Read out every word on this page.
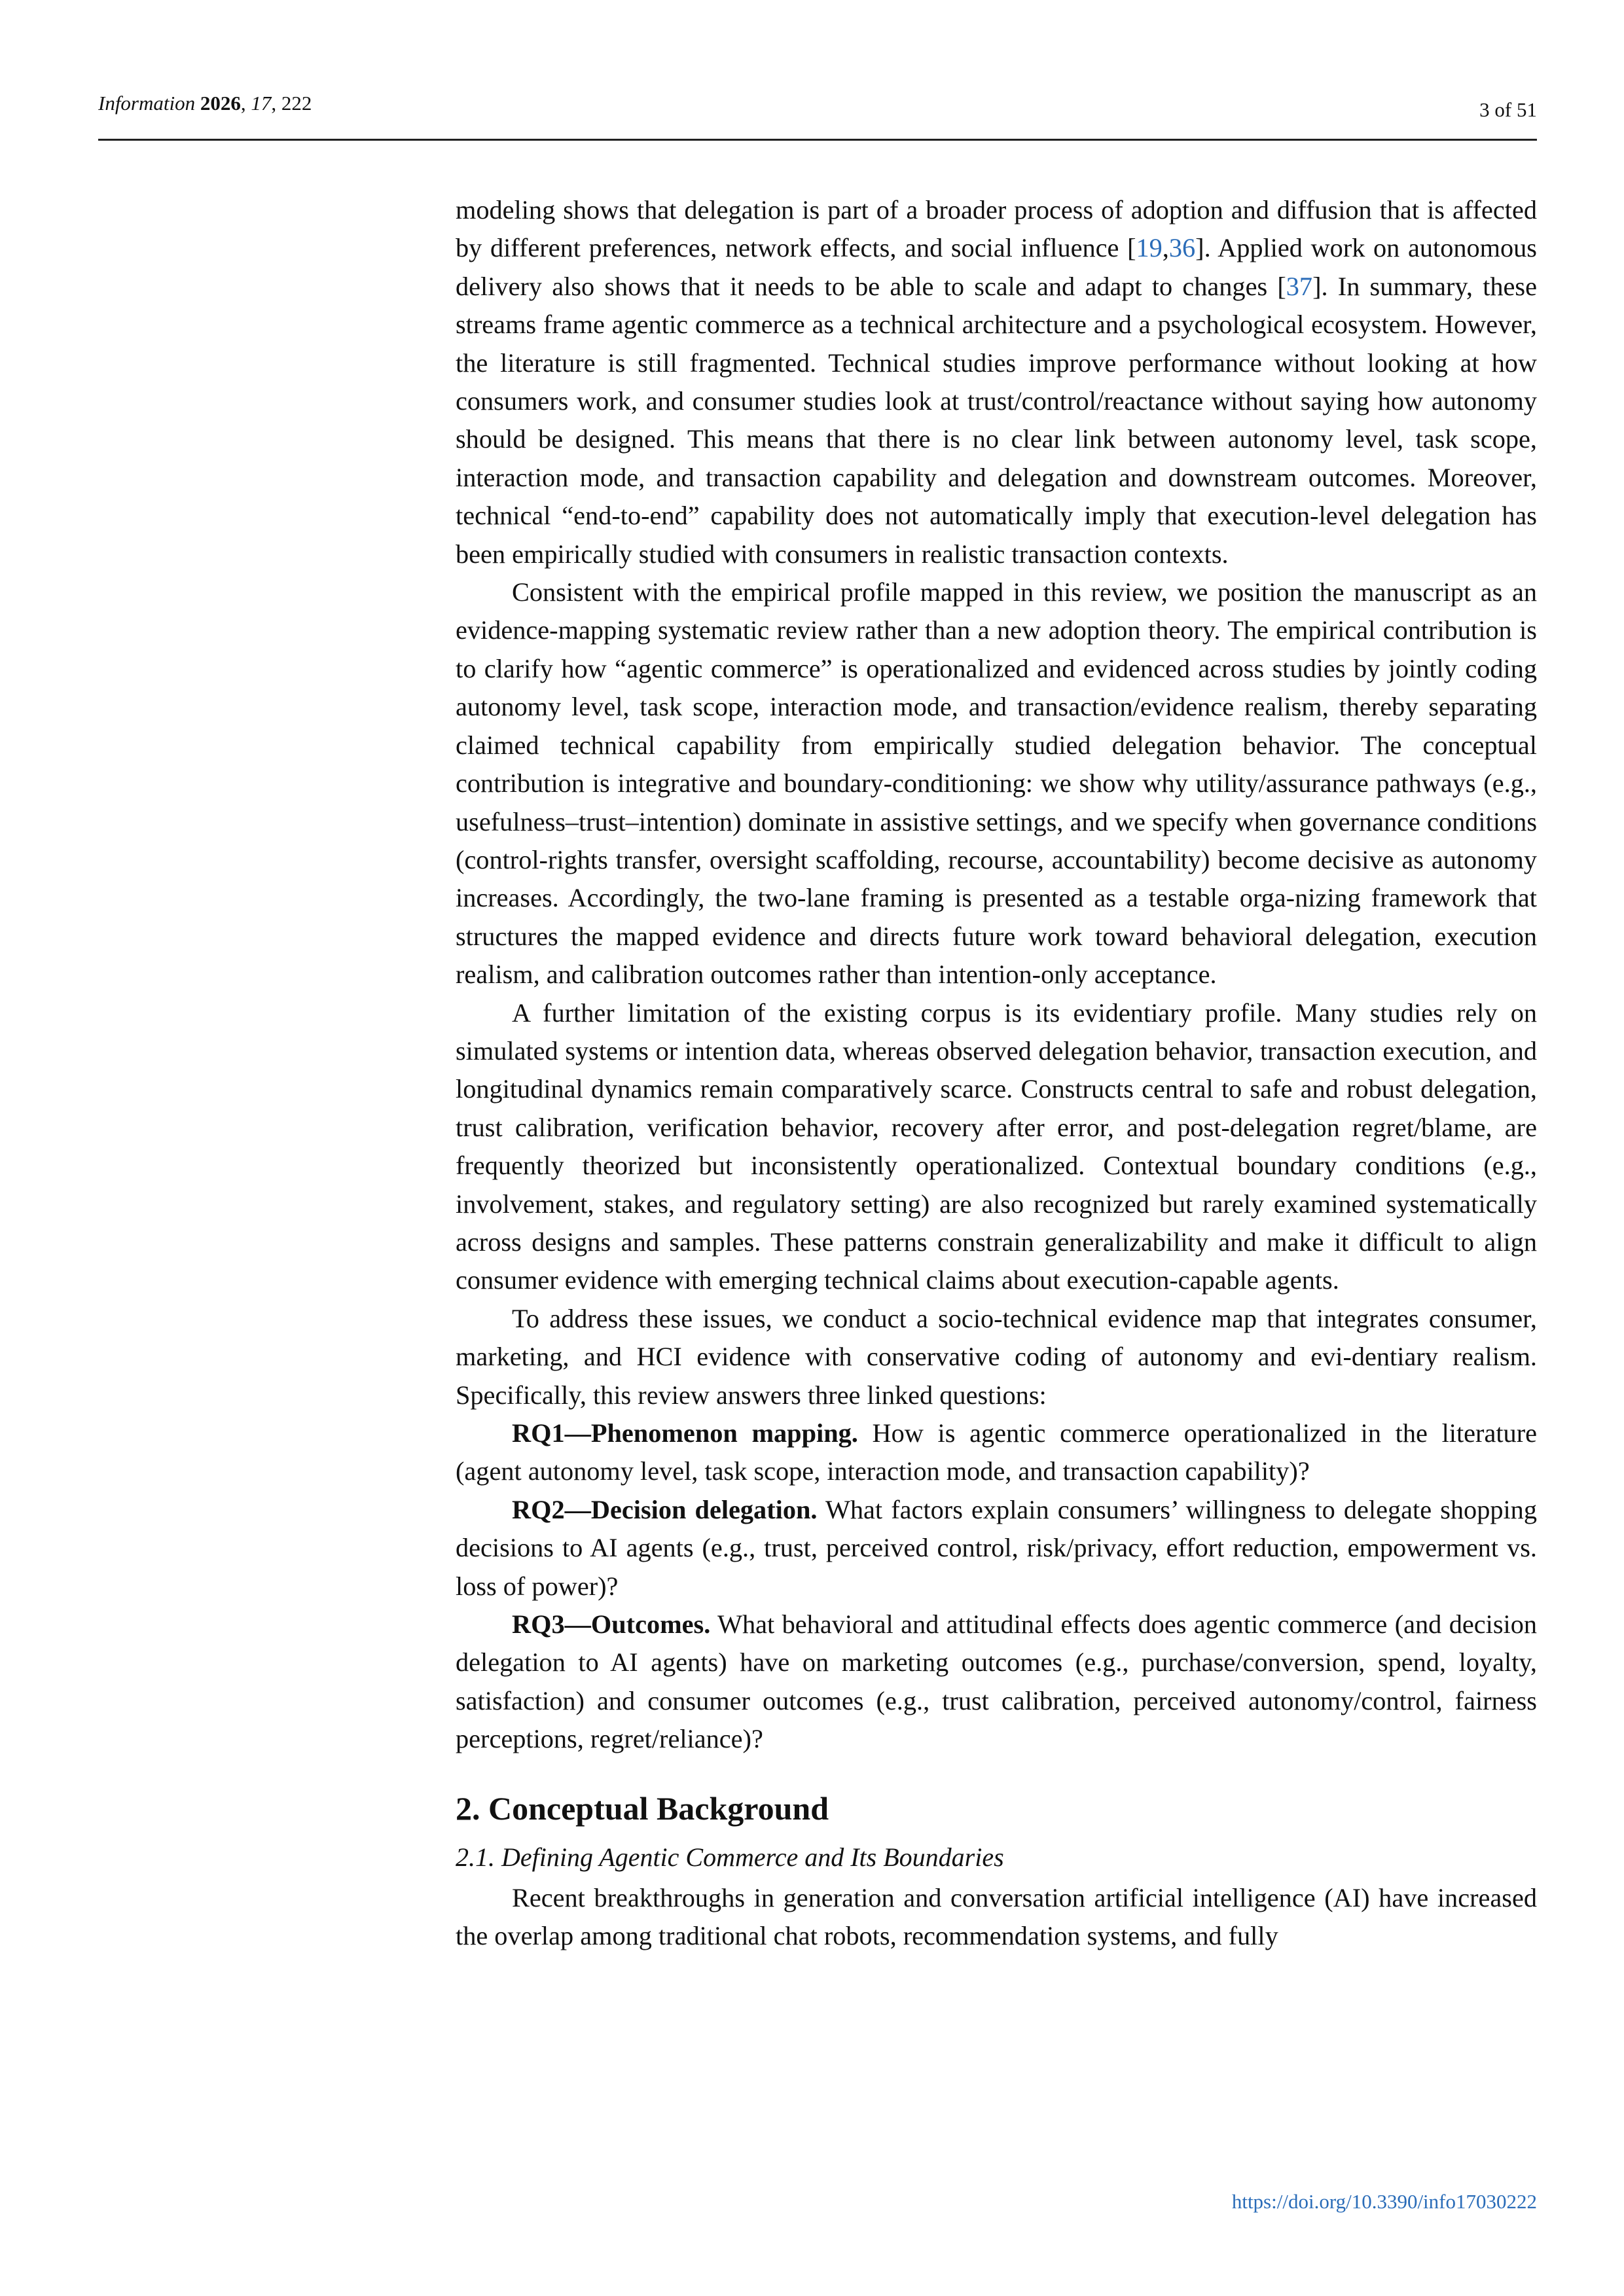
Information 2026, 17, 222	3 of 51

modeling shows that delegation is part of a broader process of adoption and diffusion that is affected by different preferences, network effects, and social influence [19,36]. Applied work on autonomous delivery also shows that it needs to be able to scale and adapt to changes [37]. In summary, these streams frame agentic commerce as a technical architecture and a psychological ecosystem. However, the literature is still fragmented. Technical studies improve performance without looking at how consumers work, and consumer studies look at trust/control/reactance without saying how autonomy should be designed. This means that there is no clear link between autonomy level, task scope, interaction mode, and transaction capability and delegation and downstream outcomes. Moreover, technical “end-to-end” capability does not automatically imply that execution-level delegation has been empirically studied with consumers in realistic transaction contexts.

Consistent with the empirical profile mapped in this review, we position the manuscript as an evidence-mapping systematic review rather than a new adoption theory. The empirical contribution is to clarify how “agentic commerce” is operationalized and evidenced across studies by jointly coding autonomy level, task scope, interaction mode, and transaction/evidence realism, thereby separating claimed technical capability from empirically studied delegation behavior. The conceptual contribution is integrative and boundary-conditioning: we show why utility/assurance pathways (e.g., usefulness–trust–intention) dominate in assistive settings, and we specify when governance conditions (control-rights transfer, oversight scaffolding, recourse, accountability) become decisive as autonomy increases. Accordingly, the two-lane framing is presented as a testable orga-nizing framework that structures the mapped evidence and directs future work toward behavioral delegation, execution realism, and calibration outcomes rather than intention-only acceptance.

A further limitation of the existing corpus is its evidentiary profile. Many studies rely on simulated systems or intention data, whereas observed delegation behavior, transaction execution, and longitudinal dynamics remain comparatively scarce. Constructs central to safe and robust delegation, trust calibration, verification behavior, recovery after error, and post-delegation regret/blame, are frequently theorized but inconsistently operationalized. Contextual boundary conditions (e.g., involvement, stakes, and regulatory setting) are also recognized but rarely examined systematically across designs and samples. These patterns constrain generalizability and make it difficult to align consumer evidence with emerging technical claims about execution-capable agents.

To address these issues, we conduct a socio-technical evidence map that integrates consumer, marketing, and HCI evidence with conservative coding of autonomy and evi-dentiary realism. Specifically, this review answers three linked questions:

RQ1—Phenomenon mapping. How is agentic commerce operationalized in the literature (agent autonomy level, task scope, interaction mode, and transaction capability)?

RQ2—Decision delegation. What factors explain consumers’ willingness to delegate shopping decisions to AI agents (e.g., trust, perceived control, risk/privacy, effort reduction, empowerment vs. loss of power)?

RQ3—Outcomes. What behavioral and attitudinal effects does agentic commerce (and decision delegation to AI agents) have on marketing outcomes (e.g., purchase/conversion, spend, loyalty, satisfaction) and consumer outcomes (e.g., trust calibration, perceived autonomy/control, fairness perceptions, regret/reliance)?

2. Conceptual Background
2.1. Defining Agentic Commerce and Its Boundaries

Recent breakthroughs in generation and conversation artificial intelligence (AI) have increased the overlap among traditional chat robots, recommendation systems, and fully

https://doi.org/10.3390/info17030222
